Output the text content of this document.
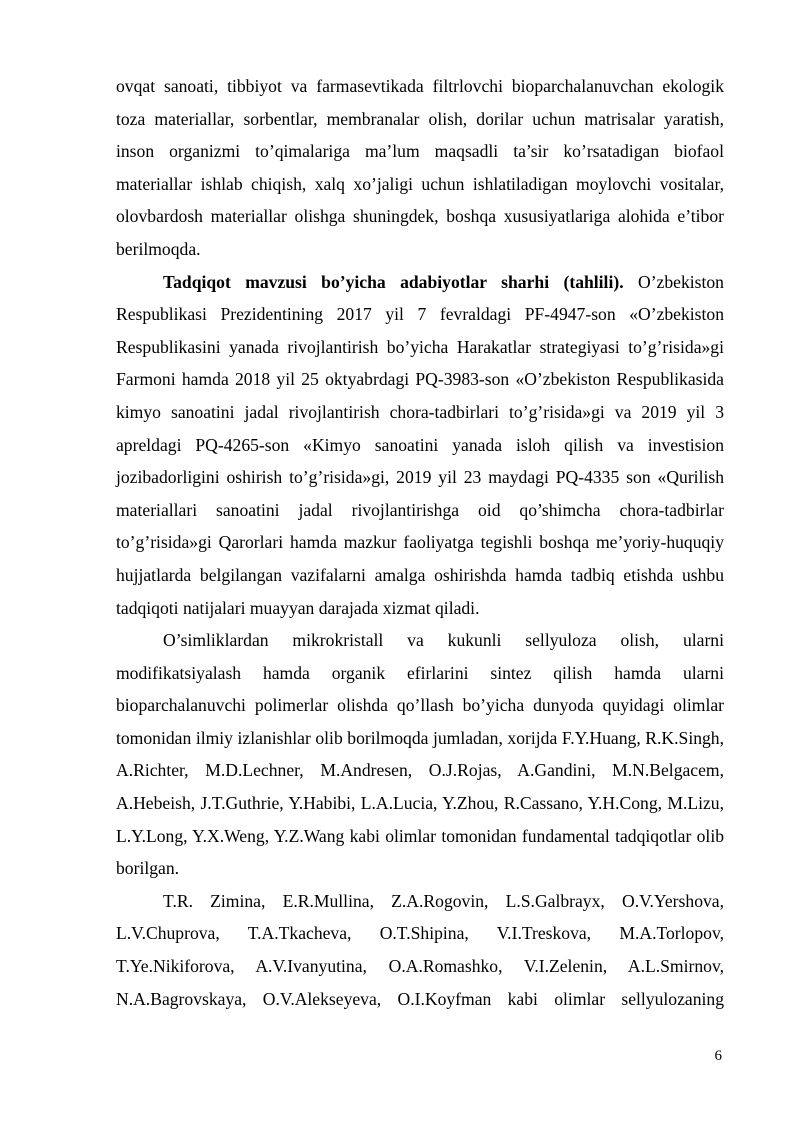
ovqat sanoati, tibbiyot va farmasevtikada filtrlovchi bioparchalanuvchan ekologik toza materiallar, sorbentlar, membranalar olish, dorilar uchun matrisalar yaratish, inson organizmi to’qimalariga ma’lum maqsadli ta’sir ko’rsatadigan biofaol materiallar ishlab chiqish, xalq xo’jaligi uchun ishlatiladigan moylovchi vositalar, olovbardosh materiallar olishga shuningdek, boshqa xususiyatlariga alohida e’tibor berilmoqda.

Tadqiqot mavzusi bo’yicha adabiyotlar sharhi (tahlili). O’zbekiston Respublikasi Prezidentining 2017 yil 7 fevraldagi PF-4947-son «O’zbekiston Respublikasini yanada rivojlantirish bo’yicha Harakatlar strategiyasi to’g’risida»gi Farmoni hamda 2018 yil 25 oktyabrdagi PQ-3983-son «O’zbekiston Respublikasida kimyo sanoatini jadal rivojlantirish chora-tadbirlari to’g’risida»gi va 2019 yil 3 apreldagi PQ-4265-son «Kimyo sanoatini yanada isloh qilish va investision jozibadorligini oshirish to’g’risida»gi, 2019 yil 23 maydagi PQ-4335 son «Qurilish materiallari sanoatini jadal rivojlantirishga oid qo’shimcha chora-tadbirlar to’g’risida»gi Qarorlari hamda mazkur faoliyatga tegishli boshqa me’yoriy-huquqiy hujjatlarda belgilangan vazifalarni amalga oshirishda hamda tadbiq etishda ushbu tadqiqoti natijalari muayyan darajada xizmat qiladi.

O’simliklardan mikrokristall va kukunli sellyuloza olish, ularni modifikatsiyalash hamda organik efirlarini sintez qilish hamda ularni bioparchalanuvchi polimerlar olishda qo’llash bo’yicha dunyoda quyidagi olimlar tomonidan ilmiy izlanishlar olib borilmoqda jumladan, xorijda F.Y.Huang, R.K.Singh, A.Richter, M.D.Lechner, M.Andresen, O.J.Rojas, A.Gandini, M.N.Belgacem, A.Hebeish, J.T.Guthrie, Y.Habibi, L.A.Lucia, Y.Zhou, R.Cassano, Y.H.Cong, M.Lizu, L.Y.Long, Y.X.Weng, Y.Z.Wang kabi olimlar tomonidan fundamental tadqiqotlar olib borilgan.

T.R. Zimina, E.R.Mullina, Z.A.Rogovin, L.S.Galbrayx, O.V.Yershova, L.V.Chuprova, T.A.Tkacheva, O.T.Shipina, V.I.Treskova, M.A.Torlopov, T.Ye.Nikiforova, A.V.Ivanyutina, O.A.Romashko, V.I.Zelenin, A.L.Smirnov, N.A.Bagrovskaya, O.V.Alekseyeva, O.I.Koyfman kabi olimlar sellyulozaning

6
